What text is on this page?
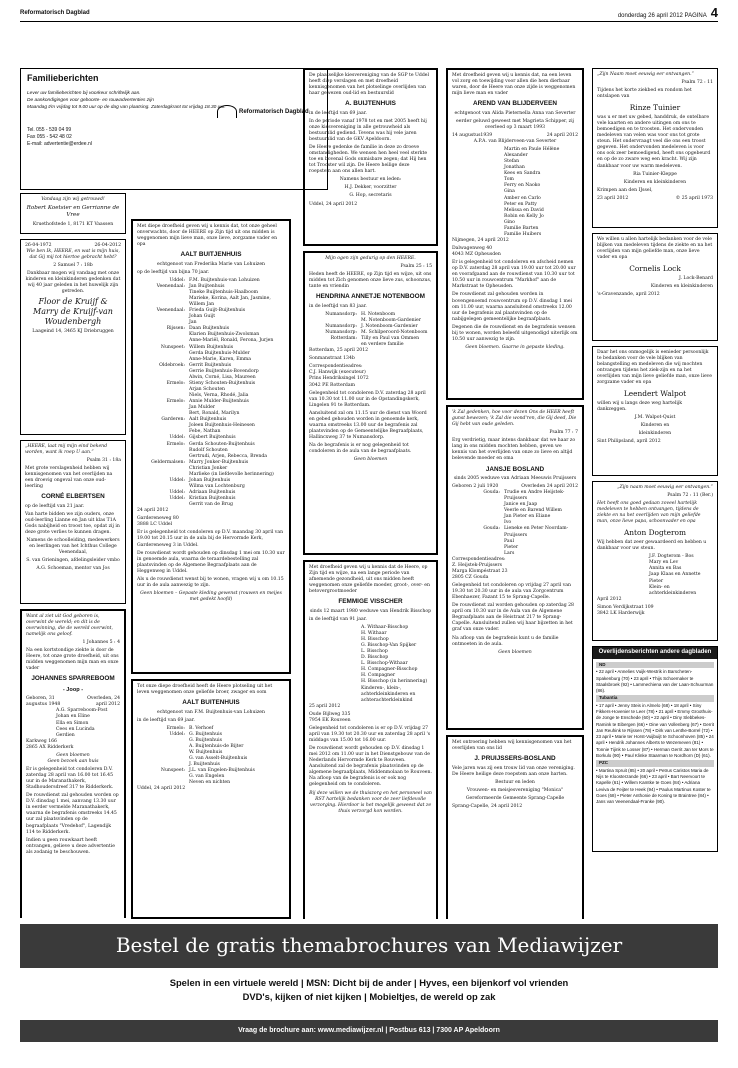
Reformatorisch Dagblad	donderdag 26 april 2012 PAGINA 4
Familieberichten
Lever uw familieberichten bij voorkeur schriftelijk aan.
De aankondigingen voor geboorte- en rouwadvertenties zijn
Maandag t/m vrijdag tot 9.00 uur op de dag van plaatsing. Zaterdagkrant tot vrijdag 18.30 uur.
Tel. 055 - 539 04 99
Fax 055 - 542 48 02
E-mail: advertentie@erdee.nl
Reformatorisch Dagblad

Vandaag zijn wij getrouwd!

Robert Koetsier en Gerrianne de Vree

Kruethofstede 1, 8171 KT Vaassen

26-04-1972	26-04-2012

Wie ben Ik, HEERE, en wat is mijn huis, dat Gij mij tot hiertoe gebracht hebt?

2 Samuel 7 : 18b

Dankbaar mogen wij vandaag met onze kinderen en kleinkinderen gedenken dat wij 40 jaar geleden in het huwelijk zijn getreden.

Floor de Kruijf & Marry de Kruijf-van Woudenbergh

Laageind 14, 3465 KJ Driebruggen

„HEERE, laat mij mijn eind bekend worden, want ik roep U aan.”

Psalm 31 : 18a

Met grote verslagenheid hebben wij kennisgenomen van het overlijden na een droevig ongeval van onze oud-leerling

CORNÉ ELBERTSEN

op de leeftijd van 21 jaar.

Van harte bidden we zijn ouders, onze oud-leerling Lianne en Jan uit klas T1A Gods nabijheid en troost toe, opdat zij in deze grote verlies te kunnen dragen.

Namens de schoolleiding, medewerkers en leerlingen van het Ichthus College Veenendaal,

S. van Grieningen, afdelingsleider vmbo

A.G. Schoeman, mentor van Jos

Want al ziet uit God geboren is, overwint de wereld; en dit is de overwinning, die de wereld overwint, namelijk ons geloof.

1 Johannes 5 : 4

Na een kortstondige ziekte is door de Heere, tot onze grote droefheid, uit ons midden weggenomen mijn man en onze vader

JOHANNES SPARREBOOM
- Joop -
Geboren, 31 augustus 1948
Overleden, 24 april 2012
A.G. Sparreboom-Post
Johan en Eline
Ella en Simon
Cees en Lucinda
Gerdien

Karkweg 166
2865 AX Ridderkerk

Geen bloemen
Geen bezoek aan huis

Er is gelegenheid tot condoleren D.V. zaterdag 28 april van 16.00 tot 16.45 uur in de Maranathakerk, Stadhoudersdreef 317 te Ridderkerk.

De rouwdienst zal gehouden worden op D.V. dinsdag 1 mei, aanvang 13.30 uur in eerder vermelde Maranathakerk, waarna de begrafenis omstreeks 14.45 uur zal plaatsvinden op de begraafplaats "Vredehof", Lagendijk 114 te Ridderkerk.

Indien u geen rouwkaart heeft ontvangen, gelieve u deze advertentie als zodanig te beschouwen.

Met diepe droefheid geven wij u kennis dat, tot onze geheel onverwachts, door de HEERE op Zijn tijd uit ons midden is weggenomen mijn lieve man, onze lieve, zorgzame vader en opa

AALT BUITJENHUIS

echtgenoot van Frederika Marie van Lohuizen

op de leeftijd van bijna 70 jaar.

Uddel: F.M. Buijtenhuis-van Lohuizen
Veenendaal: Jan Buijtenhuis
Tineke Buijtenhuis-Haalboom
Marieke, Korina, Aalt Jan, Jasmine, Willem Jan
Veenendaal: Frieda Guijt-Buijtenhuis
Johan Guijt
Jan
Rijssen: Daan Buijtenhuis
Klarien Buijtenhuis-Zwolsman
Anne-Mariël, Ronald, Ferona, Jurjen
Nunspeet: Willem Buijtenhuis
Gerda Buijtenhuis-Mulder
Anne-Marie, Karen, Emma
Oldebroek: Gerrit Buijtenhuis
Gerrie Buijtenhuis-Bovendorp
Alwin, Corné, Lisa, Maureen
Ermelo: Stieny Schouten-Buijtenhuis
Arjan Schouten
Niels, Verna, Rhodé, Jalia
Ermelo: Annie Mulder-Buijtenhuis
Jan Mulder
Bert, Ronald, Marilyn
Garderen: Aalt Buijtenhuis
Joleen Buijtenhuis-Heinesen
Febe, Nathan
Uddel: Gijsbert Buijtenhuis
Ermelo: Gerda Schouten-Buijtenhuis
Rudolf Schouten
Gertrudi, Arjen, Rebecca, Brenda
Geldermalsen: Marry Jonker-Buijtenhuis
Christian Jonker
Marlieke (in liefdevolle herinnering)
Uddel: Johan Buijtenhuis
Wilma van Lochtenburg
Uddel: Adriaan Buijtenhuis
Uddel: Kristian Buijtenhuis
Gerrit van de Brug

24 april 2012

Gardereneweg 80
3888 LC Uddel

Er is gelegenheid tot condoleren op D.V. maandag 30 april van 19.00 tot 20.15 uur in de aula bij de Hervormde Kerk, Gardereneweg 3 in Uddel.

De rouwdienst wordt gehouden op dinsdag 1 mei om 10.30 uur in genoemde aula, waarna de teraardebestelling zal plaatsvinden op de Algemene Begraafplaats aan de Heggenweg in Uddel.

Als u de rouwdienst wenst bij te wonen, vragen wij u om 10.15 uur in de aula aanwezig te zijn.

Geen bloemen – Gepaste kleding gewenst (rouwen en meijes met gedekt hoofd)

Tot onze diepe droefheid heeft de Heere plotseling uit het leven weggenomen onze geliefde broer, zwager en oom

AALT BUITENHUIS

echtgenoot van F.M. Buijtenhuis-van Lohuizen

in de leeftijd van 69 jaar.

Ermelo: B. Verhoef
Uddel: G. Buijtenhuis
G. Buijtenhuis
A. Buijtenhuis-de Bijter
W. Buijtenhuis
G. van Asselt-Buijtenhuis
J. Buijtenhuis
Nunspeet: J.L. van Engelen-Buijtenhuis
G. van Engelen
Neven en nichten

Uddel, 24 april 2012

De plaatselijke kiesvereniging van de SGP te Uddel heeft diep verslagen en met droefheid kennisgenomen van het plotselinge overlijden van haar gewezen oud-lid en bestuurslid

A. BUIJTENHUIS

in de leeftijd van 69 jaar.

In de periode vanaf 1978 tot en met 2005 heeft hij onze kiesvereniging in alle getrouwheid als bestuurslid gediend. Tevens was hij vele jaren bestuurslid van de GKV Apeldoorn.

De Heere gedenke de familie in deze zo droeve omstandigheden. We wensen hen heel veel sterkte toe en bovenal Gods onmisbare zegen; dat Hij hen tot Trooster wil zijn. De Heere heilige deze roepstem aan ons allen hart.

Namens bestuur en leden:

H.J. Dekker, voorzitter

G. Hop, secretaris

Uddel, 24 april 2012

Mijn ogen zijn gedurig op den HEERE.

Psalm 25 : 15

Heden heeft de HEERE, op Zijn tijd en wijze, uit ons midden tot Zich genomen onze lieve zus, schoonzus, tante en vriendin

HENDRINA ANNETJE NOTENBOOM

in de leeftijd van 83 jaar.

Numansdorp: H. Notenboom
M. Notenboom-Gardenier
Numansdorp: J. Notenboom-Gardenier
Numansdorp: M. Schilperoord-Notenboom
Rotterdam: Tilly en Paul van Ommen
en verdere familie

Rotterdam, 25 april 2012

Sonmanstraat 134b

Correspondentieadres:
C.J. Hanwijk (executeur)
Prins Hendriksingel 1072
3042 PE Rotterdam

Gelegenheid tot condoleren D.V. zaterdag 28 april van 10.30 tot 11.00 uur in de Opstandingskerk, Lingelen 91 te Rotterdam.

Aansluitend zal om 11.15 uur de dienst van Woord en gebed gehouden worden in genoemde kerk, waarna omstreeks 13.00 uur de begrafenis zal plaatsvinden op de Gemeentelijke Begraafplaats, Hallincxweg 37 te Numansdorp.

Na de begrafenis is er nog gelegenheid tot condoleren in de aula van de begraafplaats.

Geen bloemen

Met droefheid geven wij u kennis dat de Heere, op Zijn tijd en wijze, na een lange periode van afnemende gezondheid, uit ons midden heeft weggenomen onze geliefde moeder, groot-, over- en betovergrootmoeder

FEMMIGE VISSCHER

sinds 12 maart 1980 weduwe van Hendrik Bisschop

in de leeftijd van 91 jaar.

A. Withaar-Bisschop
H. Withaar
H. Bisschop
G. Bisschop-Van Spijker
L. Bisschop
D. Bisschop
L. Bisschop-Withaar
H. Compagner-Bisschop
H. Compagner
H. Bisschop (in herinnering)
Kinderen-, klein-, achterkleinkinderen en achterachterkleinkind

25 april 2012

Oude Bijlweg 335
7954 EK Rouveen

Gelegenheid tot condoleren is er op D.V. vrijdag 27 april van 19.30 tot 20.30 uur en zaterdag 28 april 's middags van 15.00 tot 16.00 uur.

De rouwdienst wordt gehouden op D.V. dinsdag 1 mei 2012 om 11.00 uur in het Dienstgebouw van de Nederlands Hervormde Kerk te Rouveen. Aansluitend zal de begrafenis plaatsvinden op de algemene begraafplaats, Middenmolaan te Rouveen. Na afloop van de begrafenis is er ook nog gelegenheid om te condoleren.

Bij deze willen we de thuiszorg en het personeel van RST hartelijk bedanken voor de zeer liefdevolle verzorging. Hierdoor is het mogelijk geweest dat ze thuis verzorgd kon worden.

Met droefheid geven wij u kennis dat, na een leven vol zorg en toewijding voor allen die hem dierbaar waren, door de Heere van onze zijde is weggenomen mijn lieve man en vader

AREND VAN BLIJDERVEEN

echtgenoot van Alida Pieternella Anna van Severter

eerder geluwd geweest met Magrieta Schipper, zij overleed op 3 maart 1993

14 augustus1939	24 april 2012

A.P.A. van Blijderveen-van Severter

Martin en Paule Hélène
Alexander
Stefan
Jonathan
Kees en Sandra
Tom
Ferry en Naoko
Gina
Amber en Carlo
Peter en Patty
Melissa en David
Robin en Kelly Jo
Gino
Familie Barten
Familie Huibers

Nijmegen, 24 april 2012

Dalwagenweg 40
4043 MZ Opheusden

Er is gelegenheid tot condoleren en afscheid nemen op D.V. zaterdag 28 april van 19.00 uur tot 20.00 uur en voorafgaand aan de rouwdienst van 10.30 uur tot 10.50 uur in rouwcentrum "Markhof" aan de Markstraat te Opheusden.

De rouwdienst zal gehouden worden in bovengenoemd rouwcentrum op D.V. dinsdag 1 mei om 11.00 uur, waarna aansluitend omstreeks 12.00 uur de begrafenis zal plaatsvinden op de nabijgelegen gemeentelijke begraafplaats.

Degenen die de rouwdienst en de begrafenis wensen bij te wonen, worden beleefd uitgenodigd uiterlijk om 10.50 uur aanwezig te zijn.

Geen bloemen. Gaarne in gepaste kleding.

'k Zal gedenken, hoe voor dezen Ons de HEER heeft gunst bewezen; 'k Zal die wond'ren, die Gij deed, Die Gij hebt van oude geleden.

Psalm 77 : 7

Erg verdrietig, maar intens dankbaar dat we haar zo lang in ons midden mochten hebben, geven we kennis van het overlijden van onze zo lieve en altijd belevende moeder en oma

JANSJE BOSLAND

sinds 2005 weduwe van Adriaan Meeuwis Pruijssers

Geboren 2 juli 1920	Overleden 24 april 2012
Gouda: Trudie en Andre Heijstek-Pruijssers
Janice en Jaap
Veerle en Barend Willem
Jan Pieter en Eliane
Ivo
Gouda: Lieneke en Peter Noordam-Pruijssers
Paul
Pieter
Lars

Correspondentieadres:
Z. Heijstek-Pruijssers
Marga Klompéstraat 23
2805 CZ Gouda

Gelegenheid tot condoleren op vrijdag 27 april van 19.30 tot 20.30 uur in de aula van Zorgcentrum Ebenhaezer, Fazant 15 te Sprang-Capelle.

De rouwdienst zal worden gehouden op zaterdag 28 april om 10.30 uur in de Aula van de Algemene Begraafplaats aan de Heistraat 217 te Sprang-Capelle. Aansluitend zullen wij haar bijzetten in het graf van onze vader.

Na afloop van de begrafenis kunt u de familie ontmoeten in de aula.

Geen bloemen

Met ontroering hebben wij kennisgenomen van het overlijden van ons lid

J. PRUIJSSERS-BOSLAND

Vele jaren was zij een trouw lid van onze vereniging. De Heere heilige deze roepstem aan onze harten.

Bestuur en leden

Vrouwen- en meisjesvereniging "Monica"

Gereformeerde Gemeente Sprang-Capelle

Sprang-Capelle, 24 april 2012

„Zijn Naam moet eeuwig eer ontvangen.”

Psalm 72 : 11

Tijdens het korte ziekbed en rondom het ontslapen van

Rinze Tuinier

was u er met uw gebed, handdruk, de ontelbare vele kaarten en andere uitingen om ons te bemoedigen en te troosten. Het ondervonden medeleven van velen was voor ons tot grote steun. Het ondervraagt veel die ons een troost gegeven. Het ondervonden medeleven is voor ons ook zeer bemoedigend, heeft ons opgebeurd en op de zo zware weg een kracht. Wij zijn dankbaar voor uw warm medeleven.

Ria Tuinier-Kleppe

Kinderen en kleinkinderen

Krimpen aan den IJssel,

23 april 2012	© 25 april 1973

We willen u allen hartelijk bedanken voor de vele blijken van medeleven tijdens de ziekte en na het overlijden van mijn geliefde man, onze lieve vader en opa

Cornelis Lock

J. Lock-Benard

Kinderen en kleinkinderen

's-Gravenzande, april 2012

Daar het ons onmogelijk is eenieder persoonlijk te bedanken voor de vele blijken van belangstelling en medeleven die wij mochten ontvangen tijdens het ziek-zijn en na het overlijden van mijn lieve geliefde man, onze lieve zorgzame vader en opa

Leendert Walpot

willen wij u langs deze weg hartelijk dankzeggen.

J.M. Walpot-Quist

Kinderen en

kleinkinderen

Sint Philipsland, april 2012

„Zijn naam moet eeuwig eer ontvangen.”

Psalm 72 : 11 (Ber.)

Het heeft ons goed gedaan zoveel hartelijk medeleven te hebben ontvangen, tijdens de ziekte en na het overlijden van mijn geliefde man, onze lieve papa, schoonvader en opa

Anton Dogterom

Wij hebben dat zeer gewaardeerd en hebben u dankbaar voor uw steun.

J.F. Dogterom - Bos
Mary en Lev
Annita en Bas
Jaap Klaas en Annette
Pieter
Klein- en achterkleinkinderen

April 2012

Simon Verdijkstraat 109
3842 LK Harderwijk

Overlijdensberichten andere dagbladen
ND
• 22 april • Annelies Vuijk-Westrik in Barscheten-Spakenburg (70) • 23 april • Thijs Schoemaker te Staalsbroek (92) • Lammechiena van der Laan-Schuurman (86).
Tubantia
• 17 april • Jenny Steis in Almelo (68) • 18 april • Siny Fikkers-Hovenier te Leer (78) • 21 april • Emmy Groothuis-de Jonge te Enschede (60) • 22 april • Diny Slebbekes-Ramink te Eibergen (66) • Oine van Vollenberg (67) • Gerrit Jan Reuhink te Rijssen (78) • Dirk van Lenthe-Borrel (72) • 23 april • Marie ter Horst-Vuijbuijt te Schoonhoven (85) • 24 april • Hendrik Johannes Alberts te Wezemeven (81) • Tonnie Tijink te Losser (87) • Herman Gerrit Jan ter Mors te Borkulo (90) • Paul Klinke Staarman te Nordhorn (D) (61).
PZC
• Martina Spruit (85) • 20 april • Petrus Caristos Maria de Nijs te Kloosterzande (66) • 23 april • Bart Neervoort te Kapelle (61) • Willem Kamtke te Goes (84) • Adriana Leviva de Feijter te Heek (94) • Paulus Martinus Koster te Goes (68) • Pieter Anthonie de Koning te Braintree (84) • Jans van Veenendaal-Franke (90).
Bestel de gratis themabrochures van Mediawijzer
Spelen in een virtuele wereld | MSN: Dicht bij de ander | Hyves, een bijenkorf vol vrienden
DVD's, kijken of niet kijken | Mobieltjes, de wereld op zak
Vraag de brochure aan: www.mediawijzer.nl | Postbus 613 | 7300 AP Apeldoorn
